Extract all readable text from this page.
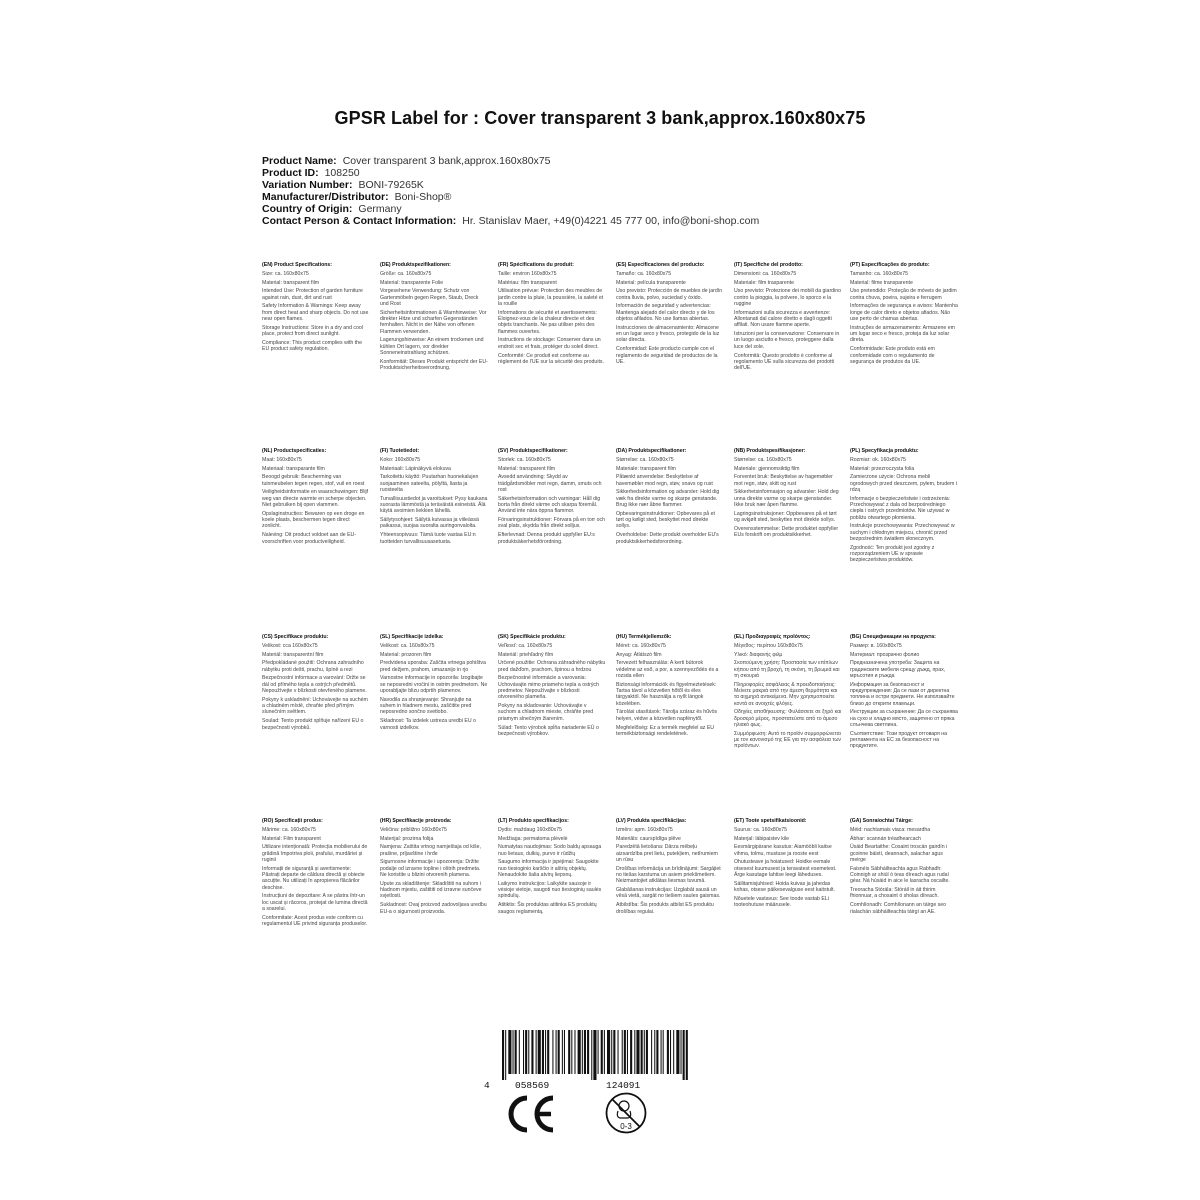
GPSR Label for : Cover transparent 3 bank,approx.160x80x75
Product Name: Cover transparent 3 bank,approx.160x80x75
Product ID: 108250
Variation Number: BONI-79265K
Manufacturer/Distributor: Boni-Shop®
Country of Origin: Germany
Contact Person & Contact Information: Hr. Stanislav Maer, +49(0)4221 45 777 00, info@boni-shop.com

(EN) Product Specifications:

Size: ca. 160x80x75

Material: transparent film

Intended Use: Protection of garden furniture against rain, dust, dirt and rust

Safety Information & Warnings: Keep away from direct heat and sharp objects. Do not use near open flames.

Storage Instructions: Store in a dry and cool place, protect from direct sunlight.

Compliance: This product complies with the EU product safety regulation.

(DE) Produktspezifikationen:

Größe: ca. 160x80x75

Material: transparente Folie

Vorgesehene Verwendung: Schutz von Gartenmöbeln gegen Regen, Staub, Dreck und Rost

Sicherheitsinformationen & Warnhinweise: Vor direkter Hitze und scharfen Gegenständen fernhalten. Nicht in der Nähe von offenen Flammen verwenden.

Lagerungshinweise: An einem trockenen und kühlen Ort lagern, vor direkter Sonneneinstrahlung schützen.

Konformität: Dieses Produkt entspricht der EU-Produktsicherheitsverordnung.

(FR) Spécifications du produit:

Taille: environ 160x80x75

Matériau: film transparent

Utilisation prévue: Protection des meubles de jardin contre la pluie, la poussière, la saleté et la rouille

Informations de sécurité et avertissements: Éloignez-vous de la chaleur directe et des objets tranchants. Ne pas utiliser près des flammes ouvertes.

Instructions de stockage: Conserver dans un endroit sec et frais, protéger du soleil direct.

Conformité: Ce produit est conforme au règlement de l'UE sur la sécurité des produits.

(ES) Especificaciones del producto:

Tamaño: ca. 160x80x75

Material: película transparente

Uso previsto: Protección de muebles de jardín contra lluvia, polvo, suciedad y óxido.

Información de seguridad y advertencias: Mantenga alejado del calor directo y de los objetos afilados. No use llamas abiertas.

Instrucciones de almacenamiento: Almacene en un lugar seco y fresco, protegido de la luz solar directa.

Conformidad: Este producto cumple con el reglamento de seguridad de productos de la UE.

(IT) Specifiche del prodotto:

Dimensioni: ca. 160x80x75

Materiale: film trasparente

Uso previsto: Protezione dei mobili da giardino contro la pioggia, la polvere, lo sporco e la ruggine

Informazioni sulla sicurezza e avvertenze: Allontanati dal calore diretto e dagli oggetti affilati. Non usare fiamme aperte.

Istruzioni per la conservazione: Conservare in un luogo asciutto e fresco, proteggere dalla luce del sole.

Conformità: Questo prodotto è conforme al regolamento UE sulla sicurezza dei prodotti dell'UE.

(PT) Especificações do produto:

Tamanho: ca. 160x80x75

Material: filme transparente

Uso pretendido: Proteção de móveis de jardim contra chuva, poeira, sujeira e ferrugem

Informações de segurança e avisos: Mantenha longe de calor direto e objetos afiados. Não use perto de chamas abertas.

Instruções de armazenamento: Armazene em um lugar seco e fresco, proteja da luz solar direta.

Conformidade: Este produto está em conformidade com o regulamento de segurança de produtos da UE.

(NL) Productspecificaties:

Maat: 160x80x75

Materiaal: transparante film

Beoogd gebruik: Bescherming van tuinmeubelen tegen regen, stof, vuil en roest

Veiligheidsinformatie en waarschuwingen: Blijf weg van directe warmte en scherpe objecten. Niet gebruiken bij open vlammen.

Opslaginstructies: Bewaren op een droge en koele plaats, beschermen tegen direct zonlicht.

Naleving: Dit product voldoet aan de EU-voorschriften voor productveiligheid.

(FI) Tuotetiedot:

Koko: 160x80x75

Materiaali: Läpinäkyvä elokuva

Tarkoitettu käyttö: Puutarhan huonekalujen suojaaminen sateelta, pölyltä, liasta ja ruosteelta

Turvallisuustiedot ja varoitukset: Pysy kaukana suorasta lämmöstä ja teräväistä esineistä. Älä käytä avoimien liekkien lähellä.

Säilytysohjeet: Säilytä kuivassa ja viileässä paikassa, suojaa suoralta auringonvalolta.

Yhteensopivuus: Tämä tuote vastaa EU:n tuotteiden turvallisuusasetusta.

(SV) Produktspecifikationer:

Storlek: ca. 160x80x75

Material: transparent film

Avsedd användning: Skydd av trädgårdsmöbler mot regn, damm, smuts och rost

Säkerhetsinformation och varningar: Håll dig borta från direkt värme och skarpa föremål. Använd inte nära öppna flammor.

Förvaringsinstruktioner: Förvara på en torr och sval plats, skydda från direkt solljus.

Efterlevnad: Denna produkt uppfyller EU:s produktsäkerhetsförordning.

(DA) Produktspecifikationer:

Størrelse: ca. 160x80x75

Materiale: transparent film

Påtænkt anvendelse: Beskyttelse af havemøbler mod regn, støv, snavs og rust

Sikkerhedsinformation og advarsler: Hold dig væk fra direkte varme og skarpe genstande. Brug ikke nær åbne flammer.

Opbevaringsinstruktioner: Opbevares på et tørt og køligt sted, beskyttet mod direkte sollys.

Overholdelse: Dette produkt overholder EU's produktsikkerhedsforordning.

(NB) Produktspesifikasjoner:

Størrelse: ca. 160x80x75

Materiale: gjennomsiktig film

Forventet bruk: Beskyttelse av hagemøbler mot regn, støv, skitt og rust

Sikkerhetsinformasjon og advarsler: Hold deg unna direkte varme og skarpe gjenstander. Ikke bruk nær åpen flamme.

Lagringsinstruksjoner: Oppbevares på et tørt og avkjølt sted, beskyttes mot direkte sollys.

Overensstemmelse: Dette produktet oppfyller EUs forskrift om produktsikkerhet.

(PL) Specyfikacja produktu:

Rozmiar: ok. 160x80x75

Materiał: przezroczysta folia

Zamierzone użycie: Ochrona mebli ogrodowych przed deszczem, pyłem, brudem i rdzą

Informacje o bezpieczeństwie i ostrzeżenia: Przechowywać z dala od bezpośredniego ciepła i ostrych przedmiotów. Nie używać w pobliżu otwartego płomienia.

Instrukcje przechowywania: Przechowywać w suchym i chłodnym miejscu, chronić przed bezpośrednim światłem słonecznym.

Zgodność: Ten produkt jest zgodny z rozporządzeniem UE w sprawie bezpieczeństwa produktów.

(CS) Specifikace produktu:

Velikost: cca 160x80x75

Materiál: transparentní film

Předpokládané použití: Ochrana zahradního nábytku proti dešti, prachu, špíně a rezi

Bezpečnostní informace a varování: Držte se dál od přímého tepla a ostrých předmětů. Nepoužívejte v blízkosti otevřeného plamene.

Pokyny k uskladnění: Uchovávejte na suchém a chladném místě, chraňte před přímým slunečním světlem.

Soulad: Tento produkt splňuje nařízení EU o bezpečnosti výrobků.

(SL) Specifikacije izdelka:

Velikost: ca. 160x80x75

Material: prozoren film

Predvidena uporaba: Zaščita vrtnega pohištva pred dežjem, prahom, umazanijo in rjo

Varnostne informacije in opozorila: Izogibajte se neposredni vročini in ostrim predmetom. Ne uporabljajte blizu odprtih plamenov.

Navodila za shranjevanje: Shranjujte na suhem in hladnem mestu, zaščitite pred neposredno sončno svetlobo.

Skladnost: Ta izdelek ustreza uredbi EU o varnosti izdelkov.

(SK) Špecifikácie produktu:

Veľkosť: ca. 160x80x75

Materiál: priehľadný film

Určené použitie: Ochrana záhradného nábytku pred dažďom, prachom, špinou a hrdzou

Bezpečnostné informácie a varovania: Uchovávajte mimo priameho tepla a ostrých predmetov. Nepoužívajte v blízkosti otvoreného plameňa.

Pokyny na skladovanie: Uchovávajte v suchom a chladnom mieste, chráňte pred priamym slnečným žiarením.

Súlad: Tento výrobok spĺňa nariadenie EÚ o bezpečnosti výrobkov.

(HU) Termékjellemzők:

Méret: ca. 160x80x75

Anyag: Átlátszó film

Tervezett felhasználás: A kerti bútorok védelme az eső, a por, a szennyeződés és a rozsda ellen

Biztonsági információk és figyelmeztetések: Tartsa távol a közvetlen hőtől és éles tárgyaktól. Ne használja a nyílt lángok közelében.

Tárolási utasítások: Tárolja száraz és hűvös helyen, védve a közvetlen napfénytől.

Megfelelőség: Ez a termék megfelel az EU termékbiztonsági rendeletének.

(EL) Προδιαγραφές προϊόντος:

Μέγεθος: περίπου 160x80x75

Υλικό: διαφανής φιλμ

Σκοπούμενη χρήση: Προστασία των επίπλων κήπου από τη βροχή, τη σκόνη, τη βρωμιά και τη σκουριά

Πληροφορίες ασφάλειας & προειδοποιήσεις: Μείνετε μακριά από την άμεση θερμότητα και τα αιχμηρά αντικείμενα. Μην χρησιμοποιείτε κοντά σε ανοιχτές φλόγες.

Οδηγίες αποθήκευσης: Φυλάσσετε σε ξηρό και δροσερό μέρος, προστατεύστε από το άμεσο ηλιακό φως.

Συμμόρφωση: Αυτό το προϊόν συμμορφώνεται με τον κανονισμό της ΕΕ για την ασφάλεια των προϊόντων.

(BG) Спецификации на продукта:

Размер: в. 160x80x75

Материал: прозрачно фолио

Предназначена употреба: Защита на градинските мебели срещу дъжд, прах, мръсотия и ръжда

Информация за безопасност и предупреждения: Да се пази от директна топлина и остри предмети. Не използвайте близо до открити пламъци.

Инструкции за съхранение: Да се съхранява на сухо и хладно място, защитено от пряка слънчева светлина.

Съответствие: Този продукт отговаря на регламента на ЕС за безопасност на продуктите.

(RO) Specificații produs:

Mărime: ca. 160x80x75

Material: Film transparent

Utilizare intenționată: Protecția mobilierului de grădină împotriva ploii, prafului, murdăriei și ruginii

Informații de siguranță și avertismente: Păstrați departe de căldura directă și obiecte ascuțite. Nu utilizați în apropierea flăcărilor deschise.

Instrucțiuni de depozitare: A se păstra într-un loc uscat și răcoros, protejat de lumina directă a soarelui.

Conformitate: Acest produs este conform cu regulamentul UE privind siguranța produselor.

(HR) Specifikacije proizvoda:

Veličina: približno 160x80x75

Materijal: prozirna folija

Namjena: Zaštita vrtnog namještaja od kiše, prašine, prljavštine i hrđe

Sigurnosne informacije i upozorenja: Držite podalje od izravne topline i oštrih predmeta. Ne koristite u blizini otvorenih plamena.

Upute za skladištenje: Skladištiti na suhom i hladnom mjestu, zaštititi od izravne sunčeve svjetlosti.

Sukladnost: Ovaj proizvod zadovoljava uredbu EU-a o sigurnosti proizvoda.

(LT) Produkto specifikacijos:

Dydis: maždaug 160x80x75

Medžiaga: permatoma plėvelė

Numatytas naudojimas: Sodo baldų apsauga nuo lietaus, dulkių, purvo ir rūdžių

Saugumo informacija ir įspėjimai: Saugokite nuo tiesioginio karščio ir aštrių objektų. Nenaudokite šalia atvirų liepsnų.

Laikymo instrukcijos: Laikykite sausoje ir vėsioje vietoje, saugoti nuo tiesioginių saulės spindulių.

Atitiktis: Šis produktas atitinka ES produktų saugos reglamentą.

(LV) Produkta specifikācijas:

Izmērs: apm. 160x80x75

Materiāls: caurspīdīga plēve

Paredzētā lietošana: Dārza mēbeļu aizsardzība pret lietu, putekļiem, netīrumiem un rūsu

Drošības informācija un brīdinājumi: Sargājiet no tiešas karstuma un asiem priekšmetiem. Neizmantojiet atklātas liesmas tuvumā.

Glabāšanas instrukcijas: Uzglabāt sausā un vēsā vietā, sargāt no tiešiem saules gaismas.

Atbilstība: Šis produkts atbilst ES produktu drošības regulai.

(ET) Toote spetsifikatsioonid:

Suurus: ca. 160x80x75

Materjal: läbipaistev kile

Eesmärgipärane kasutus: Aiamööbli kaitse vihma, tolmu, mustuse ja roostе eest

Ohutusteave ja hoiatused: Hoidke eemale otsesest kuumusest ja teravatest esemetest. Ärge kasutage lahtise leegi läheduses.

Säilitamisjuhised: Hoida kuivas ja jahedas kohas, otsese päikesevalguse eest kaitstult.

Nõuetele vastavus: See toode vastab ELi tooteohutuse määrusele.

(GA) Sonraíochtaí Táirge:

Méid: nachtamais viaca: mesardha

Ábhar: scannán tréadhearcach

Úsáid Beartaithe: Cosaint troscán gairdín i gcoinne báistí, deannach, salachar agus meirge

Faisnéis Sábháilteachta agus Rabhadh: Coinnigh ar shiúl ó teas díreach agus rudaí géar. Ná húsáid in aice le lasracha oscailte.

Treoracha Stórála: Stóráil in áit thirim fhionnuar, a chosaint ó sholas díreach.

Comhlíonadh: Comhlíonann an táirge seo rialachán sábháilteachta táirgí an AE.

4	058569	124091
0-3
